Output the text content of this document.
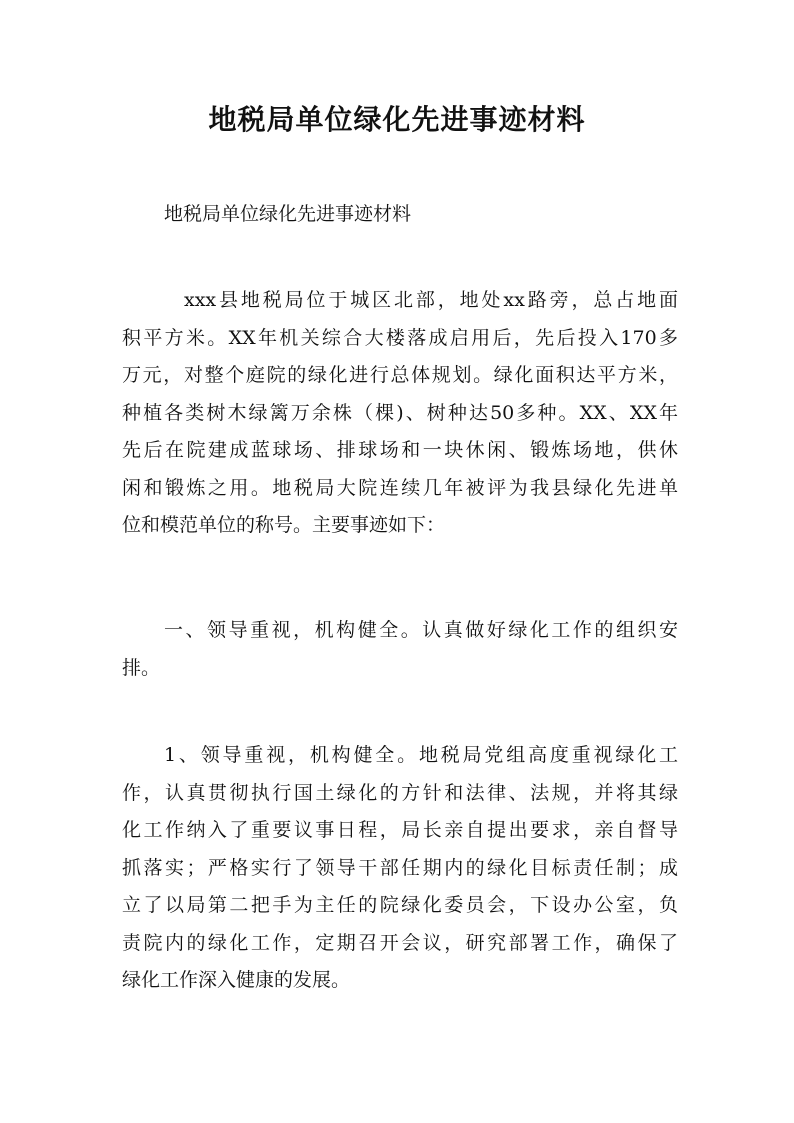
地税局单位绿化先进事迹材料

地税局单位绿化先进事迹材料

xxx县地税局位于城区北部，地处xx路旁，总占地面
积平方米。XX年机关综合大楼落成启用后，先后投入170多
万元，对整个庭院的绿化进行总体规划。绿化面积达平方米，
种植各类树木绿篱万余株（棵)、树种达50多种。XX、XX年
先后在院建成蓝球场、排球场和一块休闲、锻炼场地，供休
闲和锻炼之用。地税局大院连续几年被评为我县绿化先进单
位和模范单位的称号。主要事迹如下：

一、领导重视，机构健全。认真做好绿化工作的组织安
排。

1、领导重视，机构健全。地税局党组高度重视绿化工
作，认真贯彻执行国土绿化的方针和法律、法规，并将其绿
化工作纳入了重要议事日程，局长亲自提出要求，亲自督导
抓落实；严格实行了领导干部任期内的绿化目标责任制；成
立了以局第二把手为主任的院绿化委员会，下设办公室，负
责院内的绿化工作，定期召开会议，研究部署工作，确保了
绿化工作深入健康的发展。
